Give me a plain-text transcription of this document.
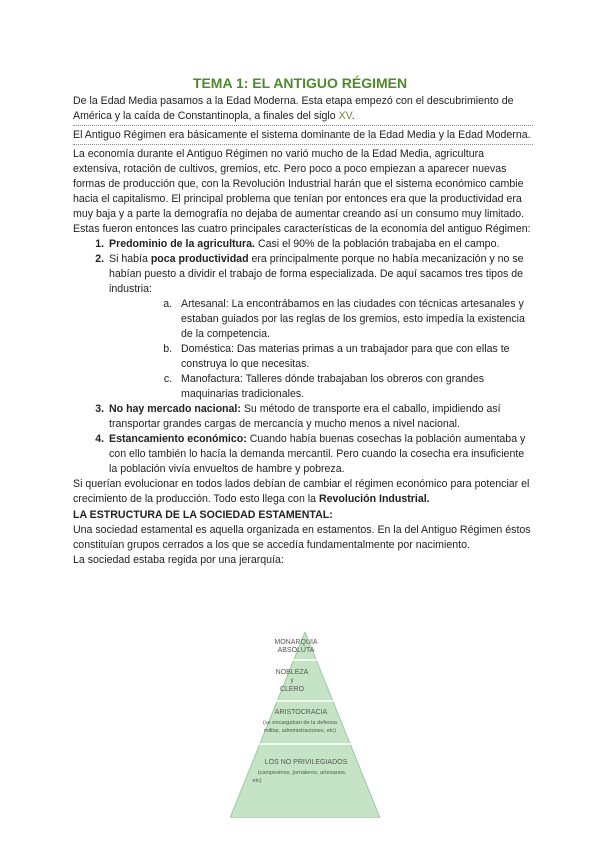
TEMA 1: EL ANTIGUO RÉGIMEN

De la Edad Media pasamos a la Edad Moderna. Esta etapa empezó con el descubrimiento de América y la caída de Constantinopla, a finales del siglo XV.

El Antiguo Régimen era básicamente el sistema dominante de la Edad Media y la Edad Moderna.

La economía durante el Antiguo Régimen no varió mucho de la Edad Media, agricultura extensiva, rotación de cultivos, gremios, etc. Pero poco a poco empiezan a aparecer nuevas formas de producción que, con la Revolución Industrial harán que el sistema económico cambie hacia el capitalismo. El principal problema que tenían por entonces era que la productividad era muy baja y a parte la demografía no dejaba de aumentar creando así un consumo muy limitado.

Estas fueron entonces las cuatro principales características de la economía del antiguo Régimen:

1. Predominio de la agricultura. Casi el 90% de la población trabajaba en el campo.
2. Si había poca productividad era principalmente porque no había mecanización y no se habían puesto a dividir el trabajo de forma especializada. De aquí sacamos tres tipos de industria:
a. Artesanal: La encontrábamos en las ciudades con técnicas artesanales y estaban guiados por las reglas de los gremios, esto impedía la existencia de la competencia.
b. Doméstica: Das materias primas a un trabajador para que con ellas te construya lo que necesitas.
c. Manofactura: Talleres dónde trabajaban los obreros con grandes maquinarias tradicionales.
3. No hay mercado nacional: Su método de transporte era el caballo, impidiendo así transportar grandes cargas de mercancía y mucho menos a nivel nacional.
4. Estancamiento económico: Cuando había buenas cosechas la población aumentaba y con ello también lo hacía la demanda mercantil. Pero cuando la cosecha era insuficiente la población vivía envueltos de hambre y pobreza.

Si querían evolucionar en todos lados debían de cambiar el régimen económico para potenciar el crecimiento de la producción. Todo esto llega con la Revolución Industrial.

LA ESTRUCTURA DE LA SOCIEDAD ESTAMENTAL:

Una sociedad estamental es aquella organizada en estamentos. En la del Antiguo Régimen éstos constituían grupos cerrados a los que se accedía fundamentalmente por nacimiento.

La sociedad estaba regida por una jerarquía:

MONARQUIA
ABSOLUTA
NOBLEZA
y
CLERO
ARISTOCRACIA
(se encargaban de la defensa
militar, administraciones, etc)
LOS NO PRIVILEGIADOS
(campesinos, jornaleros, artesanos,
etc)
